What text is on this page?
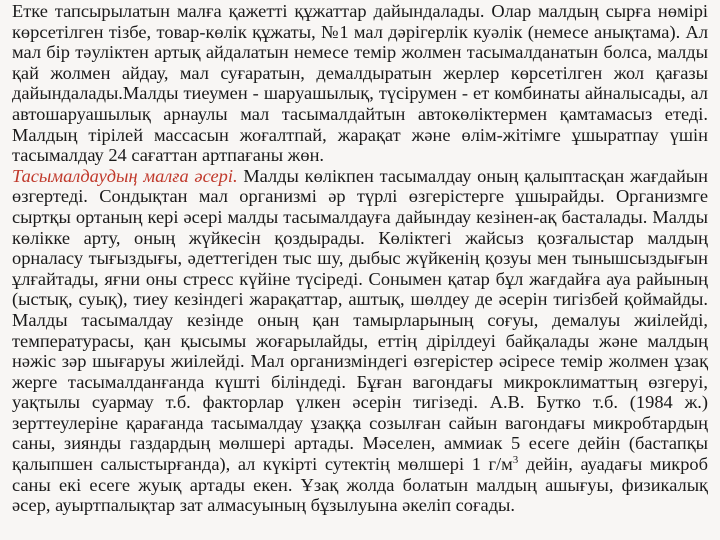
Етке тапсырылатын малға қажетті құжаттар дайындалады. Олар малдың сырға нөмірі көрсетілген тізбе, товар-көлік құжаты, №1 мал дәрігерлік куәлік (немесе анықтама). Ал мал бір тәуліктен артық айдалатын немесе темір жолмен тасымалданатын болса, малды қай жолмен айдау, мал суғаратын, демалдыратын жерлер көрсетілген жол қағазы дайындалады.Малды тиеумен - шаруашылық, түсірумен - ет комбинаты айналысады, ал автошаруашылық арнаулы мал тасымалдайтын автокөліктермен қамтамасыз етеді. Малдың тірілей массасын жоғалтпай, жарақат және өлім-жітімге ұшыратпау үшін тасымалдау 24 сағаттан артпағаны жөн.

Тасымалдаудың малға әсері. Малды көлікпен тасымалдау оның қалыптасқан жағдайын өзгертеді. Сондықтан мал организмі әр түрлі өзгерістерге ұшырайды. Организмге сыртқы ортаның кері әсері малды тасымалдауға дайындау кезінен-ақ басталады. Малды көлікке арту, оның жүйкесін қоздырады. Көліктегі жайсыз қозғалыстар малдың орналасу тығыздығы, әдеттегіден тыс шу, дыбыс жүйкенің қозуы мен тынышсыздығын ұлғайтады, яғни оны стресс күйіне түсіреді. Сонымен қатар бұл жағдайға ауа райының (ыстық, суық), тиеу кезіндегі жарақаттар, аштық, шөлдеу де әсерін тигізбей қоймайды. Малды тасымалдау кезінде оның қан тамырларының соғуы, демалуы жиілейді, температурасы, қан қысымы жоғарылайды, еттің дірілдеуі байқалады және малдың нәжіс зәр шығаруы жиілейді. Мал организміндегі өзгерістер әсіресе темір жолмен ұзақ жерге тасымалданғанда күшті біліндеді. Бұған вагондағы микроклиматтың өзгеруі, уақтылы суармау т.б. факторлар үлкен әсерін тигізеді. А.В. Бутко т.б. (1984 ж.) зерттеулеріне қарағанда тасымалдау ұзаққа созылған сайын вагондағы микробтардың саны, зиянды газдардың мөлшері артады. Мәселен, аммиак 5 есеге дейін (бастапқы қалыпшен салыстырғанда), ал күкірті сутектің мөлшері 1 $г/м^3$ дейін, ауадағы микроб саны екі есеге жуық артады екен. Ұзақ жолда болатын малдың ашығуы, физикалық әсер, ауыртпалықтар зат алмасуының бұзылуына әкеліп соғады.
